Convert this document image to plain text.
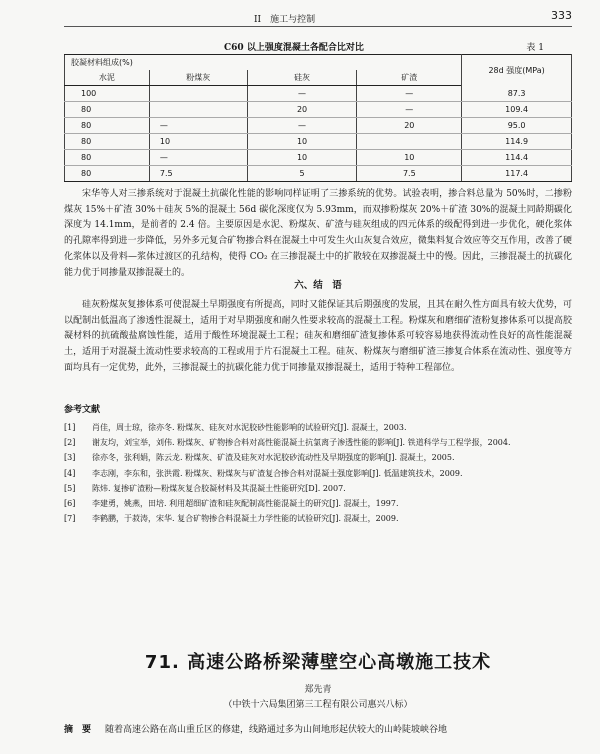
II　施工与控制	333
C60 以上强度混凝土各配合比对比	表 1
胶凝材料组成(%)				28d 强度(MPa)
水泥	粉煤灰	硅灰	矿渣	
100		—	—	87.3
80		20	—	109.4
80	—	—	20	95.0
80	10	10		114.9
80	—	10	10	114.4
80	7.5	5	7.5	117.4

宋华等人对三掺系统对于混凝土抗碳化性能的影响同样证明了三掺系统的优势。试验表明，掺合料总量为 50%时，二掺粉煤灰 15%＋矿渣 30%＋硅灰 5%的混凝土 56d 碳化深度仅为 5.93mm，而双掺粉煤灰 20%＋矿渣 30%的混凝土同龄期碳化深度为 14.1mm，是前者的 2.4 倍。主要原因是水泥、粉煤灰、矿渣与硅灰组成的四元体系的级配得到进一步优化，硬化浆体的孔隙率得到进一步降低，另外多元复合矿物掺合料在混凝土中可发生火山灰复合效应，微集料复合效应等交互作用，改善了硬化浆体以及骨料—浆体过渡区的孔结构，使得 CO₂ 在三掺混凝土中的扩散较在双掺混凝土中的慢。因此，三掺混凝土的抗碳化能力优于同掺量双掺混凝土的。

六、结　语

硅灰粉煤灰复掺体系可使混凝土早期强度有所提高，同时又能保证其后期强度的发展，且其在耐久性方面具有较大优势，可以配制出低温高了渗透性混凝土，适用于对早期强度和耐久性要求较高的混凝土工程。粉煤灰和磨细矿渣粉复掺体系可以提高胶凝材料的抗硫酸盐腐蚀性能，适用于酸性环境混凝土工程；硅灰和磨细矿渣复掺体系可较容易地获得流动性良好的高性能混凝土，适用于对混凝土流动性要求较高的工程或用于片石混凝土工程。硅灰、粉煤灰与磨细矿渣三掺复合体系在流动性、强度等方面均具有一定优势，此外，三掺混凝土的抗碳化能力优于同掺量双掺混凝土，适用于特种工程部位。

参考文献
[1] 肖佳，周士琼，徐亦冬. 粉煤灰、硅灰对水泥胶砂性能影响的试验研究[J]. 混凝土，2003.
[2] 谢友均，刘宝举，刘伟. 粉煤灰、矿物掺合料对高性能混凝土抗氯离子渗透性能的影响[J]. 铁道科学与工程学报，2004.
[3] 徐亦冬，张利娟，陈云龙. 粉煤灰、矿渣及硅灰对水泥胶砂流动性及早期强度的影响[J]. 混凝土，2005.
[4] 李志刚，李东和，张洪霞. 粉煤灰、粉煤灰与矿渣复合掺合料对混凝土强度影响[J]. 低温建筑技术，2009.
[5] 陈炜. 复掺矿渣粉—粉煤灰复合胶凝材料及其混凝土性能研究[D]. 2007.
[6] 李建勇，姚燕，田培. 利用超细矿渣和硅灰配制高性能混凝土的研究[J]. 混凝土，1997.
[7] 李鹤鹏，于菽涛，宋华. 复合矿物掺合料混凝土力学性能的试验研究[J]. 混凝土，2009.
71. 高速公路桥梁薄壁空心高墩施工技术
郑先青
（中铁十六局集团第三工程有限公司惠兴八标）
摘　要 随着高速公路在高山重丘区的修建，线路通过多为山间地形起伏较大的山岭陡坡峡谷地
